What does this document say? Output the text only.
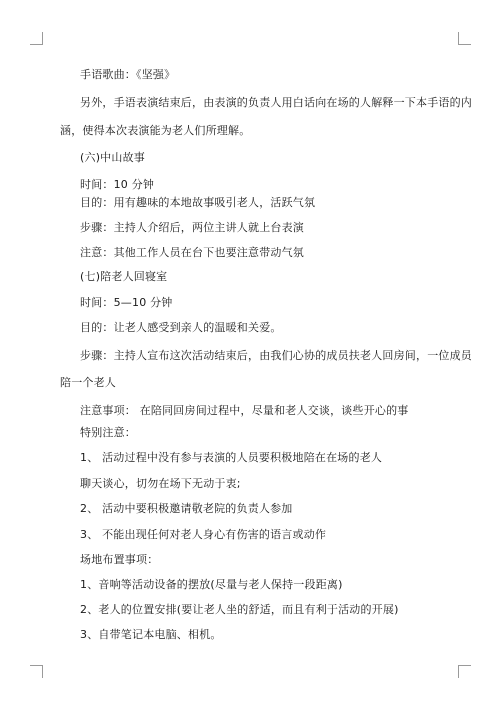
手语歌曲：《坚强》
另外，手语表演结束后，由表演的负责人用白话向在场的人解释一下本手语的内
涵，使得本次表演能为老人们所理解。
(六)中山故事
时间：10 分钟
目的：用有趣味的本地故事吸引老人，活跃气氛
步骤：主持人介绍后，两位主讲人就上台表演
注意：其他工作人员在台下也要注意带动气氛
(七)陪老人回寝室
时间：5—10 分钟
目的：让老人感受到亲人的温暖和关爱。
步骤：主持人宣布这次活动结束后，由我们心协的成员扶老人回房间，一位成员
陪一个老人
注意事项： 在陪同回房间过程中，尽量和老人交谈，谈些开心的事
特别注意：
1、 活动过程中没有参与表演的人员要积极地陪在在场的老人
聊天谈心，切勿在场下无动于衷;
2、 活动中要积极邀请敬老院的负责人参加
3、 不能出现任何对老人身心有伤害的语言或动作
场地布置事项：
1、音响等活动设备的摆放(尽量与老人保持一段距离)
2、老人的位置安排(要让老人坐的舒适，而且有利于活动的开展)
3、自带笔记本电脑、相机。
